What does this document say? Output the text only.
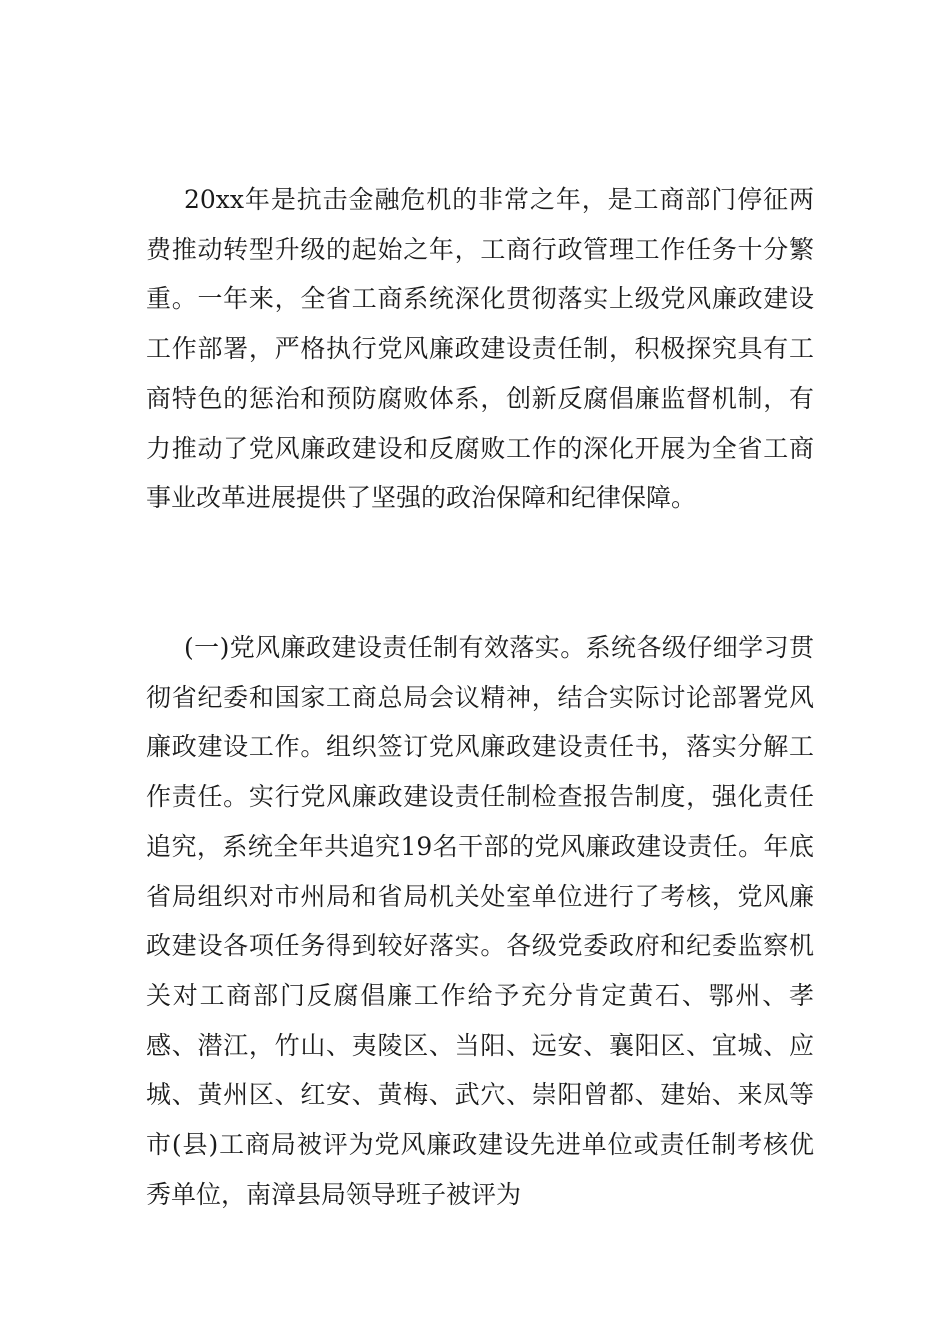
20xx年是抗击金融危机的非常之年，是工商部门停征两费推动转型升级的起始之年，工商行政管理工作任务十分繁重。一年来，全省工商系统深化贯彻落实上级党风廉政建设工作部署，严格执行党风廉政建设责任制，积极探究具有工商特色的惩治和预防腐败体系，创新反腐倡廉监督机制，有力推动了党风廉政建设和反腐败工作的深化开展为全省工商事业改革进展提供了坚强的政治保障和纪律保障。

(一)党风廉政建设责任制有效落实。系统各级仔细学习贯彻省纪委和国家工商总局会议精神，结合实际讨论部署党风廉政建设工作。组织签订党风廉政建设责任书，落实分解工作责任。实行党风廉政建设责任制检查报告制度，强化责任追究，系统全年共追究19名干部的党风廉政建设责任。年底省局组织对市州局和省局机关处室单位进行了考核，党风廉政建设各项任务得到较好落实。各级党委政府和纪委监察机关对工商部门反腐倡廉工作给予充分肯定黄石、鄂州、孝感、潜江，竹山、夷陵区、当阳、远安、襄阳区、宜城、应城、黄州区、红安、黄梅、武穴、崇阳曾都、建始、来凤等市(县)工商局被评为党风廉政建设先进单位或责任制考核优秀单位，南漳县局领导班子被评为
